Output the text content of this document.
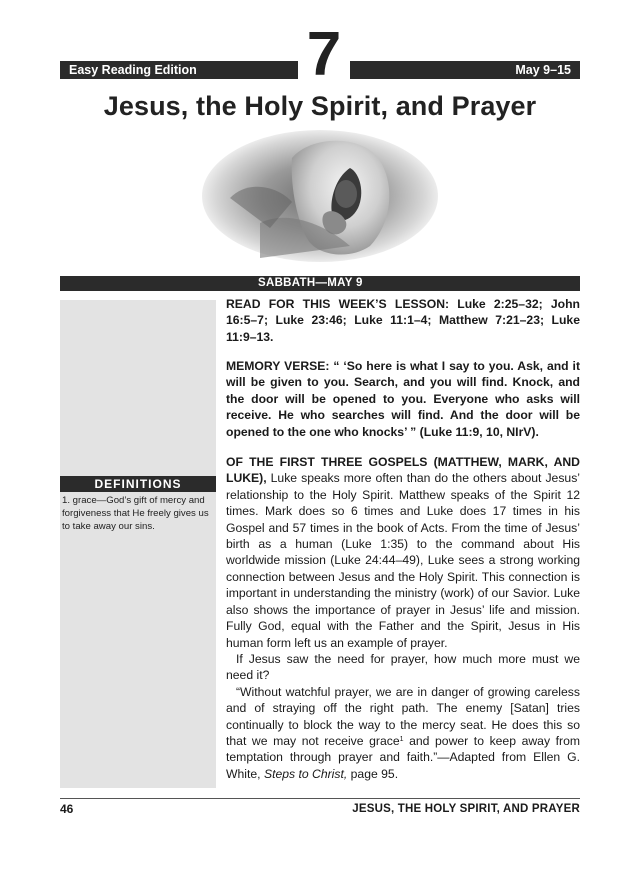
Easy Reading Edition	7	May 9–15
Jesus, the Holy Spirit, and Prayer
SABBATH—MAY 9
DEFINITIONS
1. grace—God’s gift of mercy and forgiveness that He freely gives us to take away our sins.

READ FOR THIS WEEK’S LESSON: Luke 2:25–32; John 16:5–7; Luke 23:46; Luke 11:1–4; Matthew 7:21–23; Luke 11:9–13.

MEMORY VERSE: “ ‘So here is what I say to you. Ask, and it will be given to you. Search, and you will find. Knock, and the door will be opened to you. Everyone who asks will receive. He who searches will find. And the door will be opened to the one who knocks’ ” (Luke 11:9, 10, NIrV).

OF THE FIRST THREE GOSPELS (MATTHEW, MARK, AND LUKE), Luke speaks more often than do the others about Jesus’ relationship to the Holy Spirit. Matthew speaks of the Spirit 12 times. Mark does so 6 times and Luke does 17 times in his Gospel and 57 times in the book of Acts. From the time of Jesus’ birth as a human (Luke 1:35) to the command about His worldwide mission (Luke 24:44–49), Luke sees a strong working connection between Jesus and the Holy Spirit. This connection is important in understanding the ministry (work) of our Savior. Luke also shows the importance of prayer in Jesus’ life and mission. Fully God, equal with the Father and the Spirit, Jesus in His human form left us an example of prayer.

If Jesus saw the need for prayer, how much more must we need it?

“Without watchful prayer, we are in danger of growing careless and of straying off the right path. The enemy [Satan] tries continually to block the way to the mercy seat. He does this so that we may not receive grace$^1$ and power to keep away from temptation through prayer and faith.”—Adapted from Ellen G. White, Steps to Christ, page 95.

46	JESUS, THE HOLY SPIRIT, AND PRAYER
